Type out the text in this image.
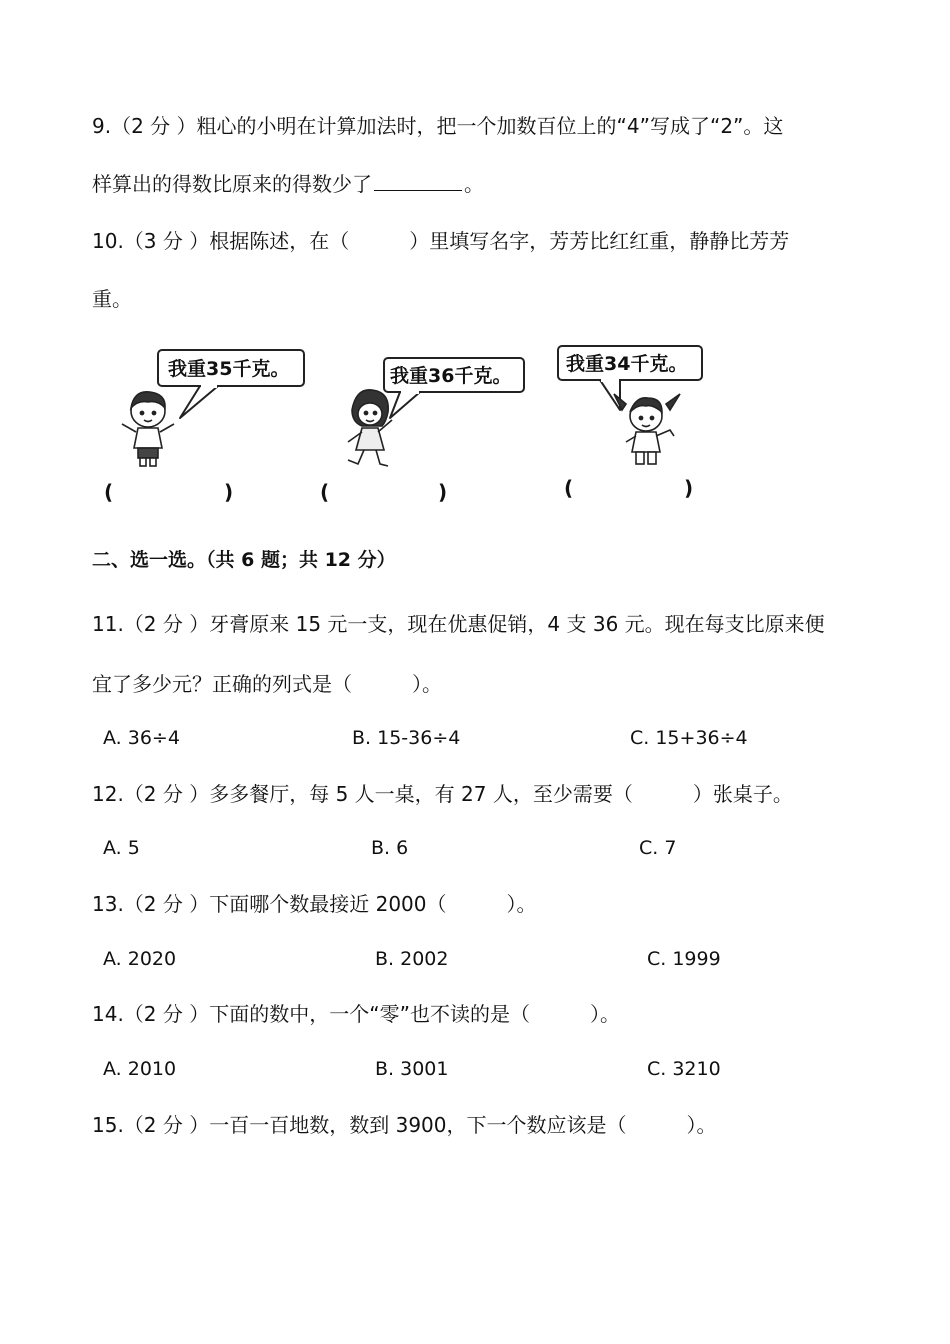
9.（2 分 ）粗心的小明在计算加法时，把一个加数百位上的“4”写成了“2”。这
样算出的得数比原来的得数少了	。
10.（3 分 ）根据陈述，在（　　　）里填写名字，芳芳比红红重，静静比芳芳
重。
我重35千克。	我重36千克。
我重34千克。
(	)	(	)	(	)
二、选一选。（共 6 题；共 12 分）
11.（2 分 ）牙膏原来 15 元一支，现在优惠促销，4 支 36 元。现在每支比原来便
宜了多少元？正确的列式是（　　　）。
A. 36÷4	B. 15-36÷4	C. 15+36÷4
12.（2 分 ）多多餐厅，每 5 人一桌，有 27 人，至少需要（　　　）张桌子。
A. 5	B. 6	C. 7
13.（2 分 ）下面哪个数最接近 2000（　　　）。
A. 2020	B. 2002	C. 1999
14.（2 分 ）下面的数中，一个“零”也不读的是（　　　）。
A. 2010	B. 3001	C. 3210
15.（2 分 ）一百一百地数，数到 3900，下一个数应该是（　　　）。
